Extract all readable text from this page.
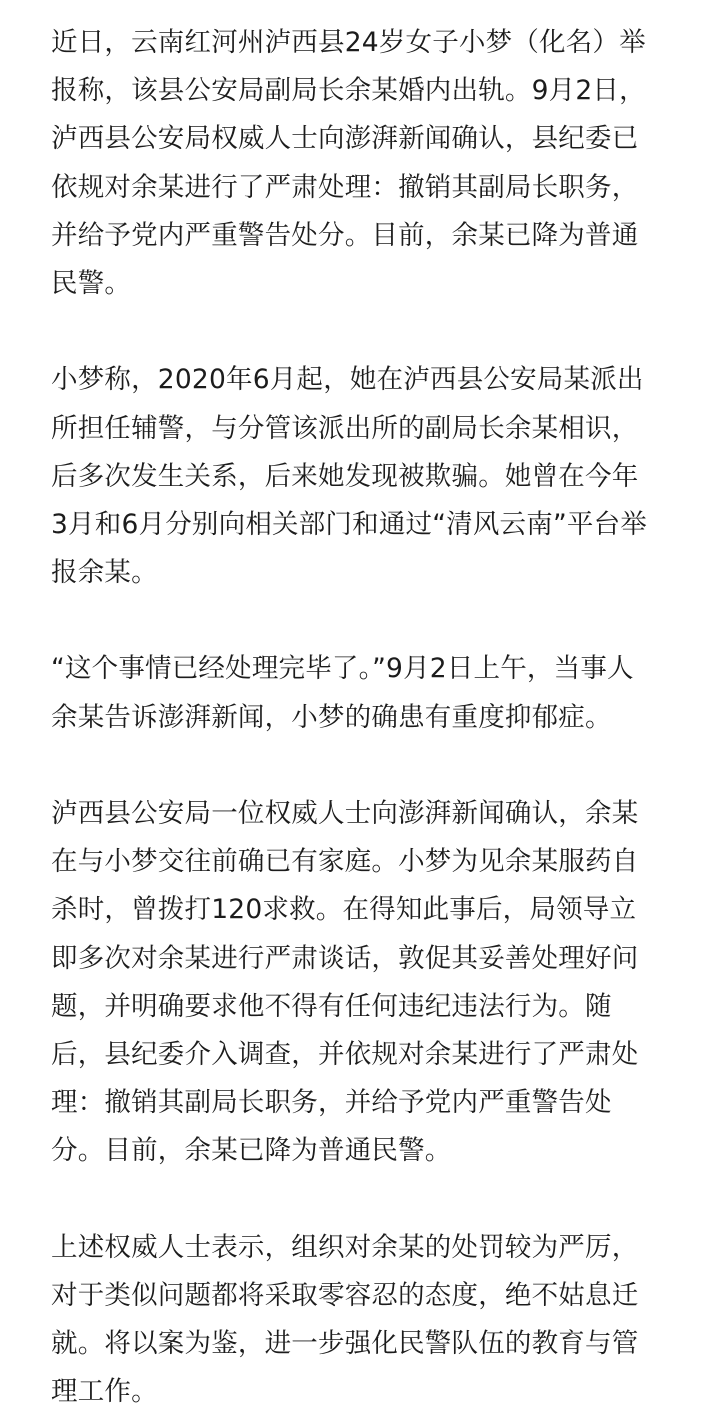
近日，云南红河州泸西县24岁女子小梦（化名）举
报称，该县公安局副局长余某婚内出轨。9月2日，
泸西县公安局权威人士向澎湃新闻确认，县纪委已
依规对余某进行了严肃处理：撤销其副局长职务，
并给予党内严重警告处分。目前，余某已降为普通
民警。
小梦称，2020年6月起，她在泸西县公安局某派出
所担任辅警，与分管该派出所的副局长余某相识，
后多次发生关系，后来她发现被欺骗。她曾在今年
3月和6月分别向相关部门和通过“清风云南”平台举
报余某。
“这个事情已经处理完毕了。”9月2日上午，当事人
余某告诉澎湃新闻，小梦的确患有重度抑郁症。
泸西县公安局一位权威人士向澎湃新闻确认，余某
在与小梦交往前确已有家庭。小梦为见余某服药自
杀时，曾拨打120求救。在得知此事后，局领导立
即多次对余某进行严肃谈话，敦促其妥善处理好问
题，并明确要求他不得有任何违纪违法行为。随
后，县纪委介入调查，并依规对余某进行了严肃处
理：撤销其副局长职务，并给予党内严重警告处
分。目前，余某已降为普通民警。
上述权威人士表示，组织对余某的处罚较为严厉，
对于类似问题都将采取零容忍的态度，绝不姑息迁
就。将以案为鉴，进一步强化民警队伍的教育与管
理工作。
